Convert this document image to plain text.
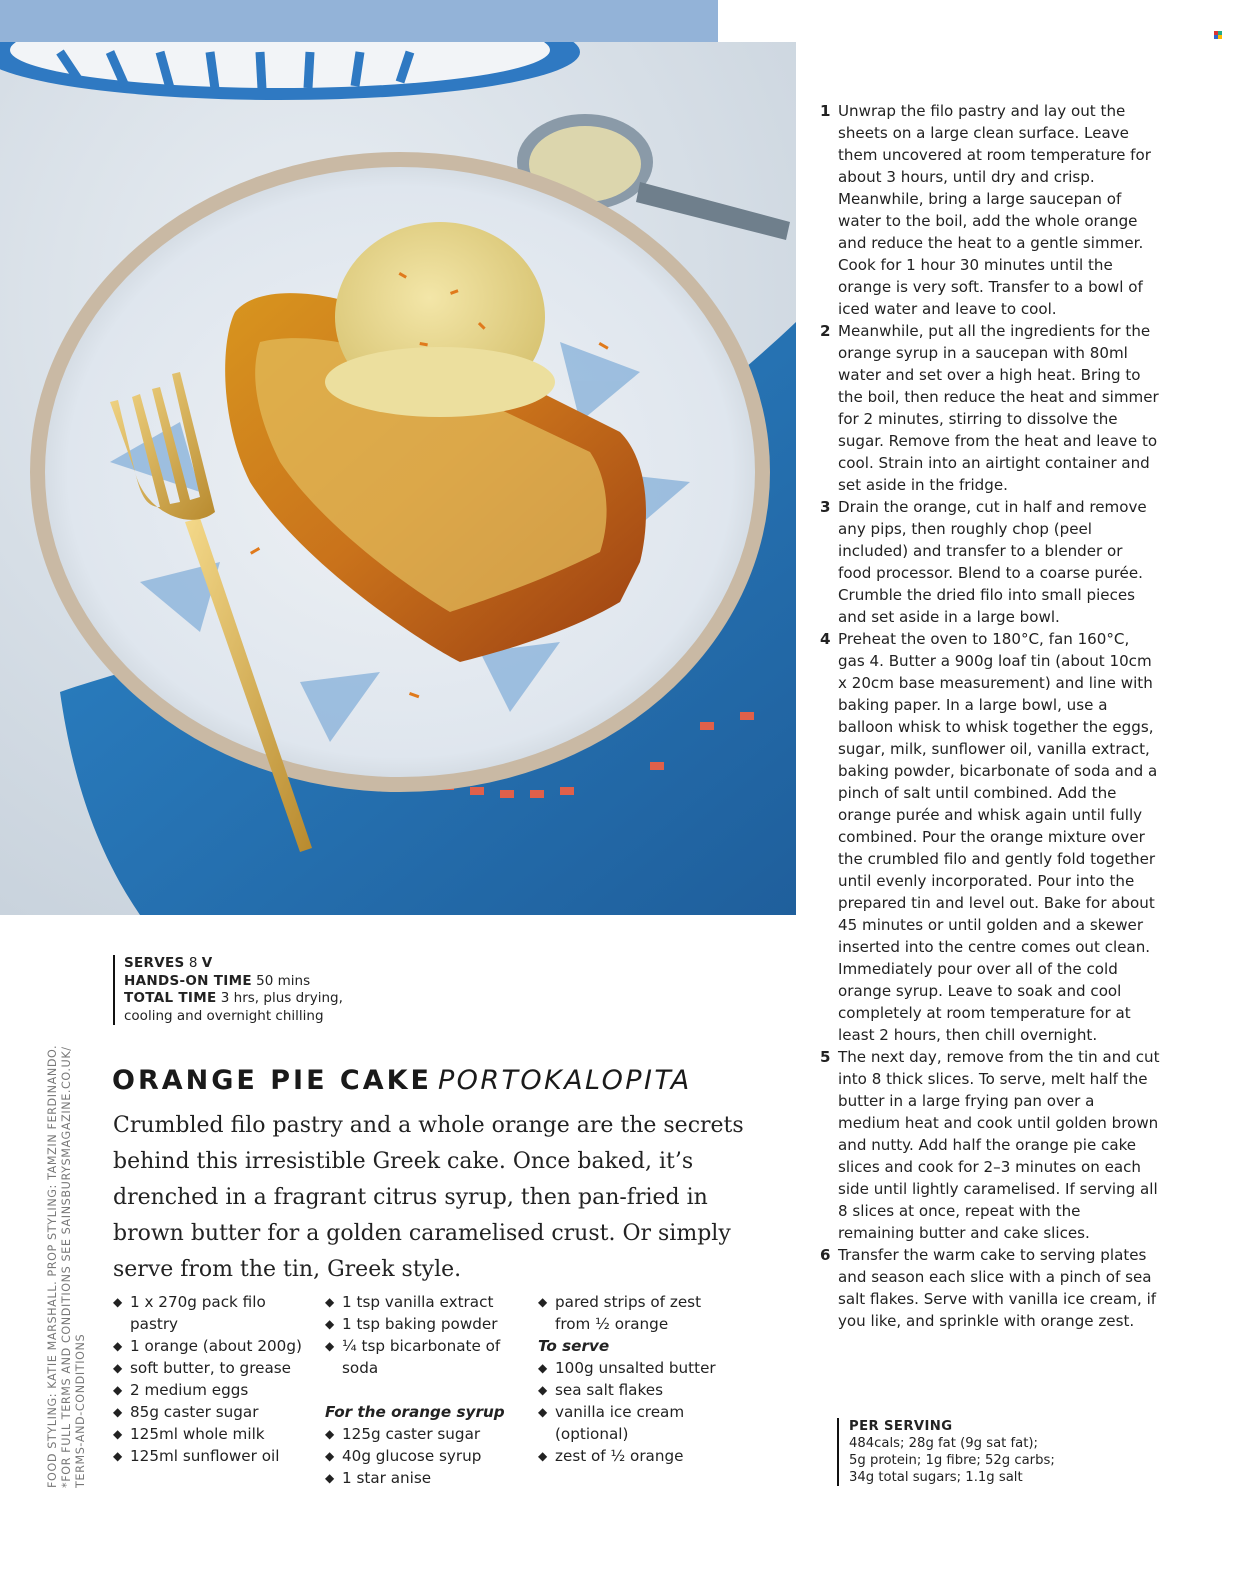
SERVES 8 V
HANDS-ON TIME 50 mins
TOTAL TIME 3 hrs, plus drying,
cooling and overnight chilling
FOOD STYLING: KATIE MARSHALL. PROP STYLING: TAMZIN FERDINANDO. *FOR FULL TERMS AND CONDITIONS SEE SAINSBURYSMAGAZINE.CO.UK/ TERMS-AND-CONDITIONS
ORANGE PIE CAKE PORTOKALOPITA
Crumbled filo pastry and a whole orange are the secrets behind this irresistible Greek cake. Once baked, it’s drenched in a fragrant citrus syrup, then pan-fried in brown butter for a golden caramelised crust. Or simply serve from the tin, Greek style.
◆ 1 x 270g pack filo pastry
◆ 1 orange (about 200g)
◆ soft butter, to grease
◆ 2 medium eggs
◆ 85g caster sugar
◆ 125ml whole milk
◆ 125ml sunflower oil
◆ 1 tsp vanilla extract
◆ 1 tsp baking powder
◆ ¼ tsp bicarbonate of soda
For the orange syrup
◆ 125g caster sugar
◆ 40g glucose syrup
◆ 1 star anise
◆ pared strips of zest from ½ orange
To serve
◆ 100g unsalted butter
◆ sea salt flakes
◆ vanilla ice cream (optional)
◆ zest of ½ orange
1 Unwrap the filo pastry and lay out the sheets on a large clean surface. Leave them uncovered at room temperature for about 3 hours, until dry and crisp. Meanwhile, bring a large saucepan of water to the boil, add the whole orange and reduce the heat to a gentle simmer. Cook for 1 hour 30 minutes until the orange is very soft. Transfer to a bowl of iced water and leave to cool.
2 Meanwhile, put all the ingredients for the orange syrup in a saucepan with 80ml water and set over a high heat. Bring to the boil, then reduce the heat and simmer for 2 minutes, stirring to dissolve the sugar. Remove from the heat and leave to cool. Strain into an airtight container and set aside in the fridge.
3 Drain the orange, cut in half and remove any pips, then roughly chop (peel included) and transfer to a blender or food processor. Blend to a coarse purée. Crumble the dried filo into small pieces and set aside in a large bowl.
4 Preheat the oven to 180°C, fan 160°C, gas 4. Butter a 900g loaf tin (about 10cm x 20cm base measurement) and line with baking paper. In a large bowl, use a balloon whisk to whisk together the eggs, sugar, milk, sunflower oil, vanilla extract, baking powder, bicarbonate of soda and a pinch of salt until combined. Add the orange purée and whisk again until fully combined. Pour the orange mixture over the crumbled filo and gently fold together until evenly incorporated. Pour into the prepared tin and level out. Bake for about 45 minutes or until golden and a skewer inserted into the centre comes out clean. Immediately pour over all of the cold orange syrup. Leave to soak and cool completely at room temperature for at least 2 hours, then chill overnight.
5 The next day, remove from the tin and cut into 8 thick slices. To serve, melt half the butter in a large frying pan over a medium heat and cook until golden brown and nutty. Add half the orange pie cake slices and cook for 2–3 minutes on each side until lightly caramelised. If serving all 8 slices at once, repeat with the remaining butter and cake slices.
6 Transfer the warm cake to serving plates and season each slice with a pinch of sea salt flakes. Serve with vanilla ice cream, if you like, and sprinkle with orange zest.
PER SERVING
484cals; 28g fat (9g sat fat);
5g protein; 1g fibre; 52g carbs;
34g total sugars; 1.1g salt
